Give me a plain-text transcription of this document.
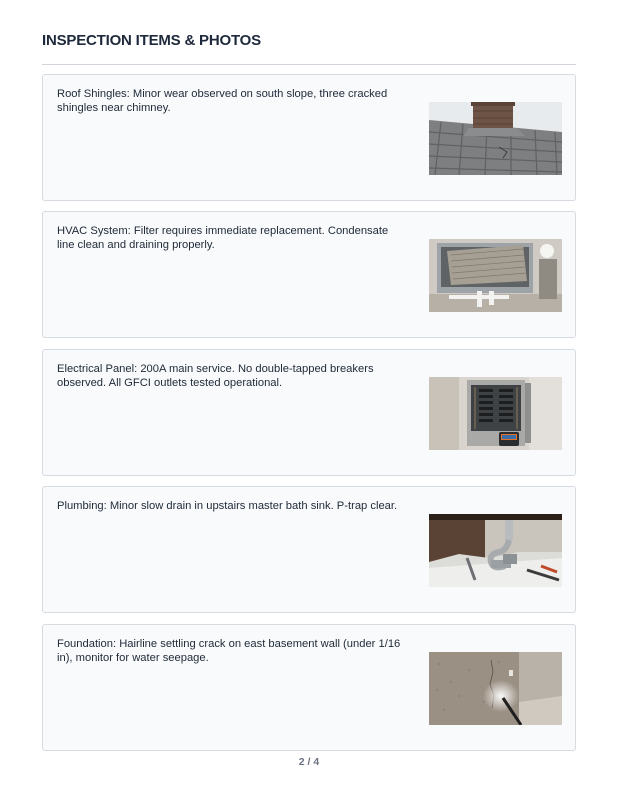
INSPECTION ITEMS & PHOTOS
Roof Shingles: Minor wear observed on south slope, three cracked shingles near chimney.
HVAC System: Filter requires immediate replacement. Condensate line clean and draining properly.
Electrical Panel: 200A main service. No double-tapped breakers observed. All GFCI outlets tested operational.
Plumbing: Minor slow drain in upstairs master bath sink. P-trap clear.
Foundation: Hairline settling crack on east basement wall (under 1/16 in), monitor for water seepage.
2 / 4
